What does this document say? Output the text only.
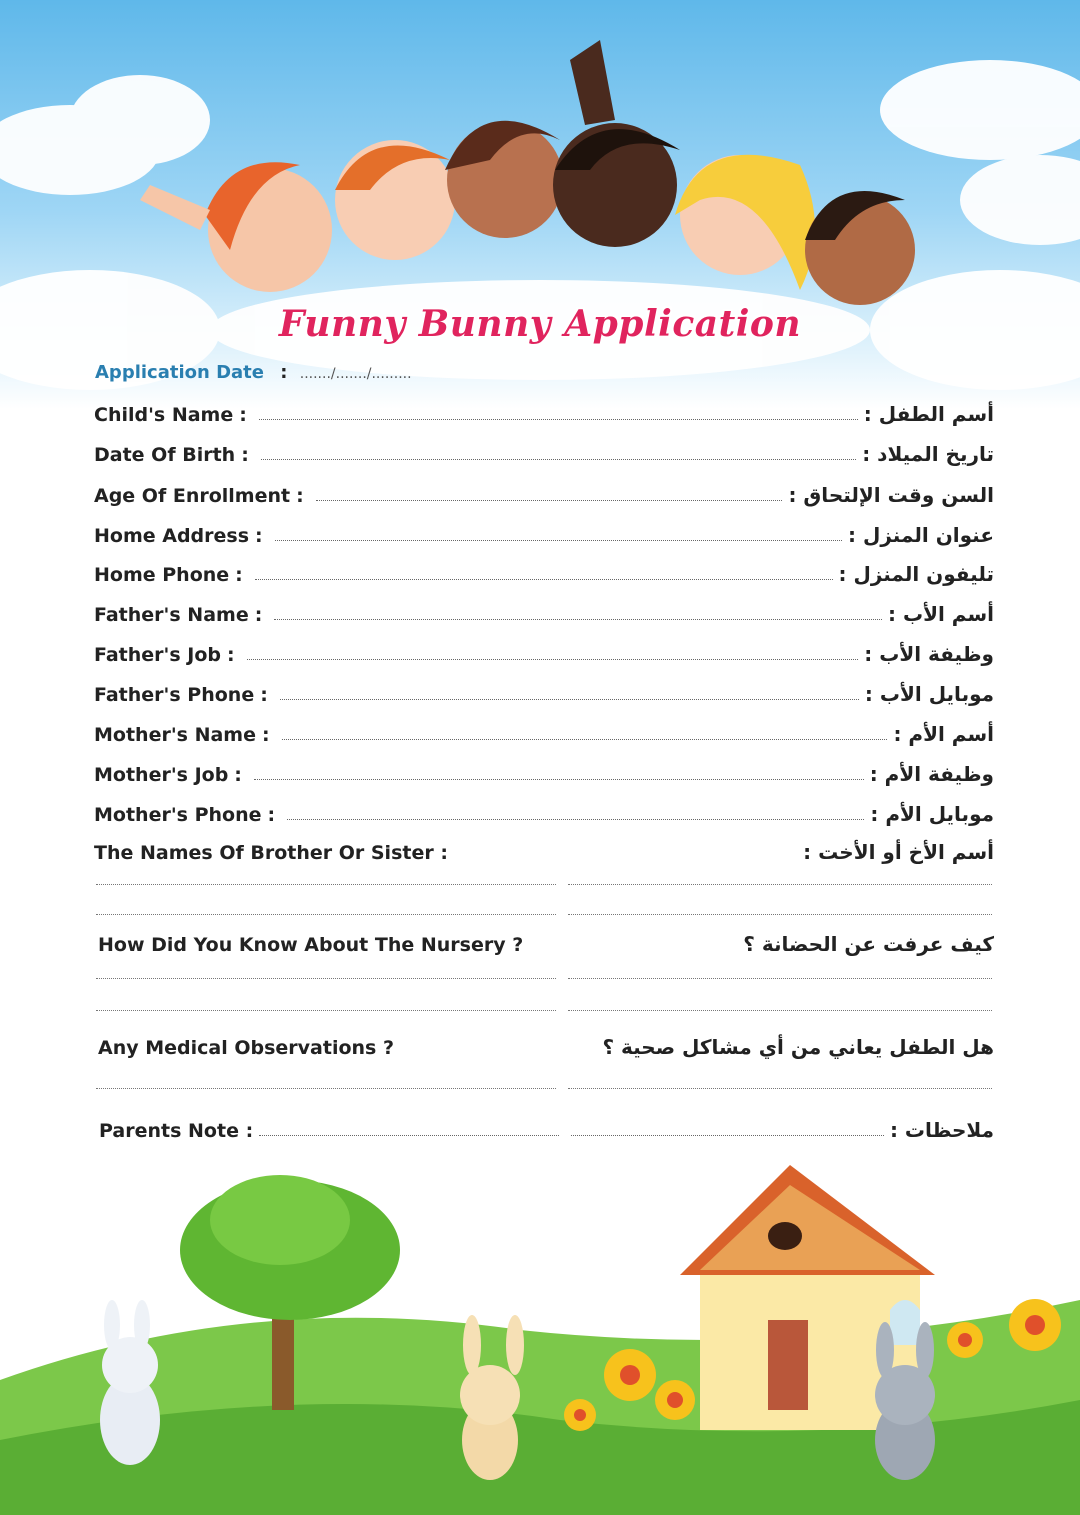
Funny Bunny Application
Application Date : ......./......./.........
Child's Name :	أسم الطفل :
Date Of Birth :	تاريخ الميلاد :
Age Of Enrollment :	السن وقت الإلتحاق :
Home Address :	عنوان المنزل :
Home Phone :	تليفون المنزل :
Father's Name :	أسم الأب :
Father's Job :	وظيفة الأب :
Father's Phone :	موبايل الأب :
Mother's Name :	أسم الأم :
Mother's Job :	وظيفة الأم :
Mother's Phone :	موبايل الأم :
The Names Of Brother Or Sister :	أسم الأخ أو الأخت :
How Did You Know About The Nursery ?	كيف عرفت عن الحضانة ؟
Any Medical Observations ?	هل الطفل يعاني من أي مشاكل صحية ؟
Parents Note :	ملاحظات :
